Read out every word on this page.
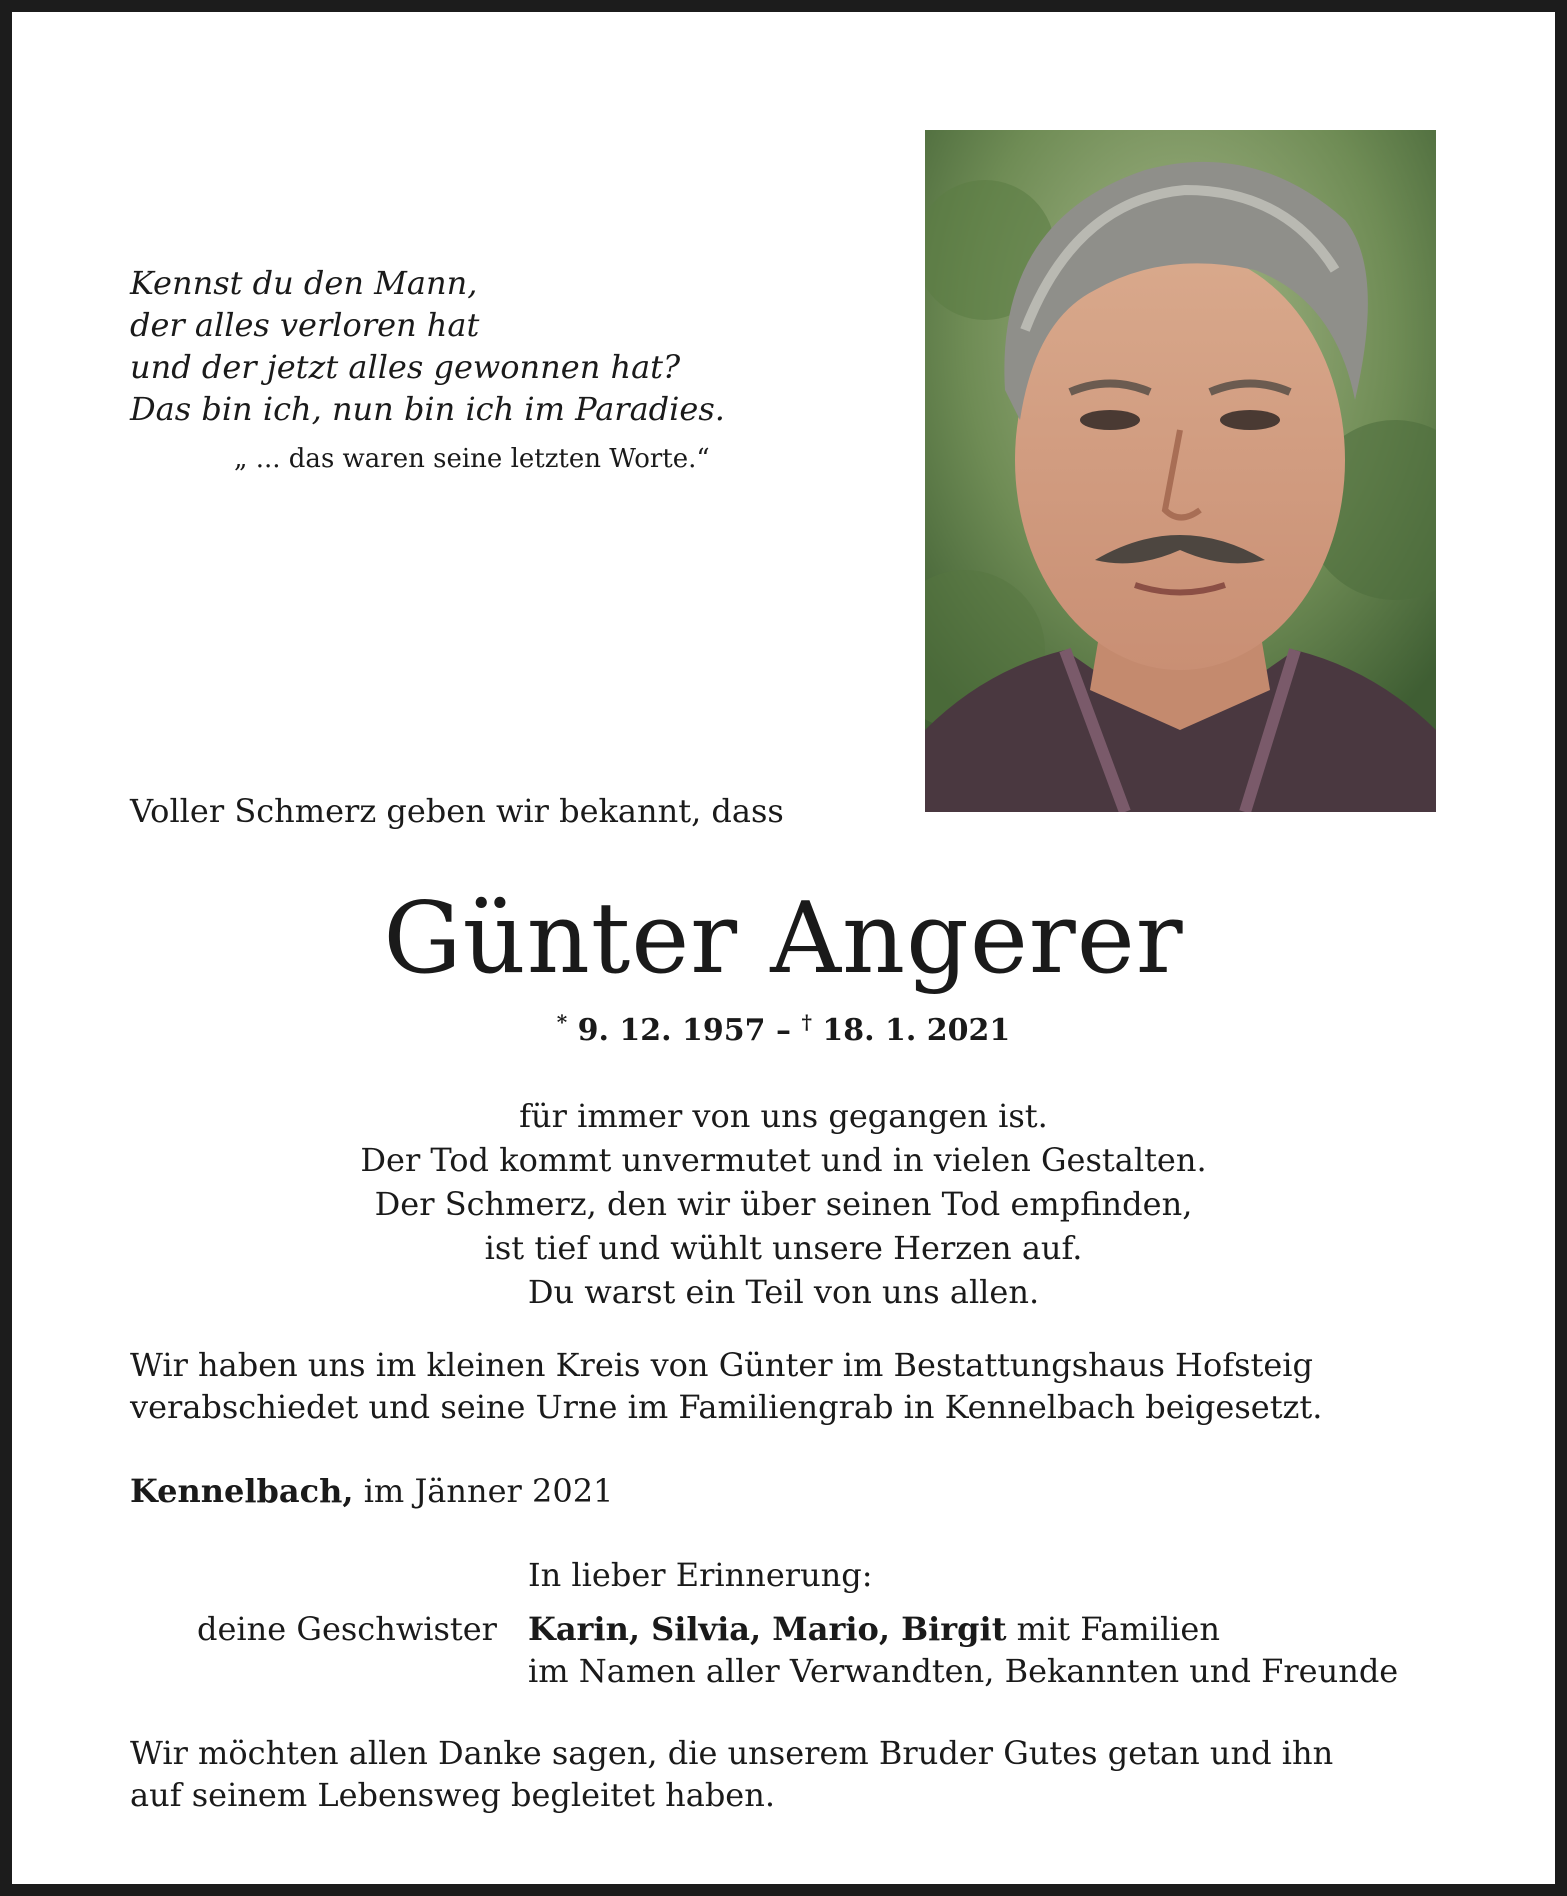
Kennst du den Mann,
der alles verloren hat
und der jetzt alles gewonnen hat?
Das bin ich, nun bin ich im Paradies.
„ ... das waren seine letzten Worte.“
Voller Schmerz geben wir bekannt, dass
Günter Angerer
* 9. 12. 1957 – † 18. 1. 2021
für immer von uns gegangen ist.
Der Tod kommt unvermutet und in vielen Gestalten.
Der Schmerz, den wir über seinen Tod empfinden,
ist tief und wühlt unsere Herzen auf.
Du warst ein Teil von uns allen.
Wir haben uns im kleinen Kreis von Günter im Bestattungshaus Hofsteig
verabschiedet und seine Urne im Familiengrab in Kennelbach beigesetzt.
Kennelbach, im Jänner 2021
In lieber Erinnerung:
deine Geschwister Karin, Silvia, Mario, Birgit mit Familien
im Namen aller Verwandten, Bekannten und Freunde
Wir möchten allen Danke sagen, die unserem Bruder Gutes getan und ihn
auf seinem Lebensweg begleitet haben.
